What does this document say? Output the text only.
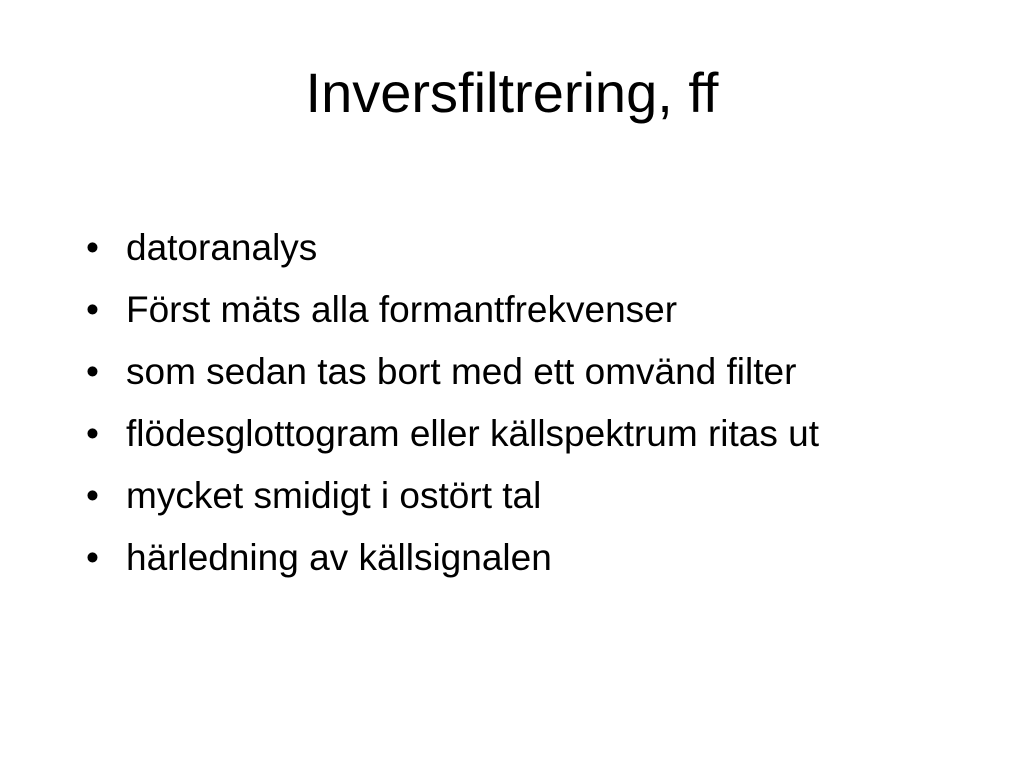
Inversfiltrering, ff
• datoranalys
• Först mäts alla formantfrekvenser
• som sedan tas bort med ett omvänd filter
• flödesglottogram eller källspektrum ritas ut
• mycket smidigt i ostört tal
• härledning av källsignalen
